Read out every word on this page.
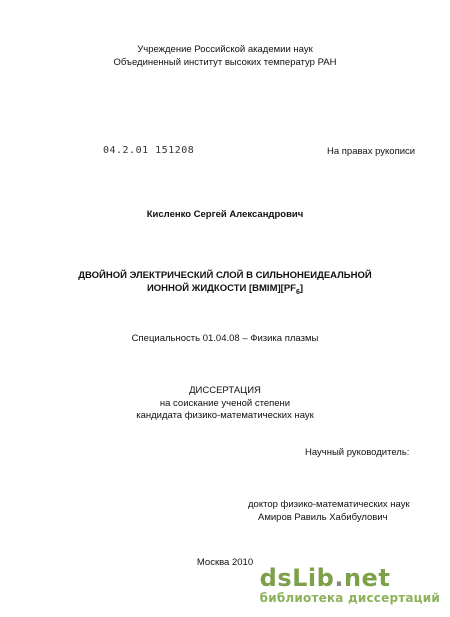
Учреждение Российской академии наук
Объединенный институт высоких температур РАН
04.2.01 151208	На правах рукописи
Кисленко Сергей Александрович
ДВОЙНОЙ ЭЛЕКТРИЧЕСКИЙ СЛОЙ В СИЛЬНОНЕИДЕАЛЬНОЙ
ИОННОЙ ЖИДКОСТИ $[BMIM][PF_6]$
Специальность 01.04.08 – Физика плазмы
ДИССЕРТАЦИЯ
на соискание ученой степени
кандидата физико-математических наук
Научный руководитель:
доктор физико-математических наук
Амиров Равиль Хабибулович
Москва 2010
dsLib.net
библиотека диссертаций
